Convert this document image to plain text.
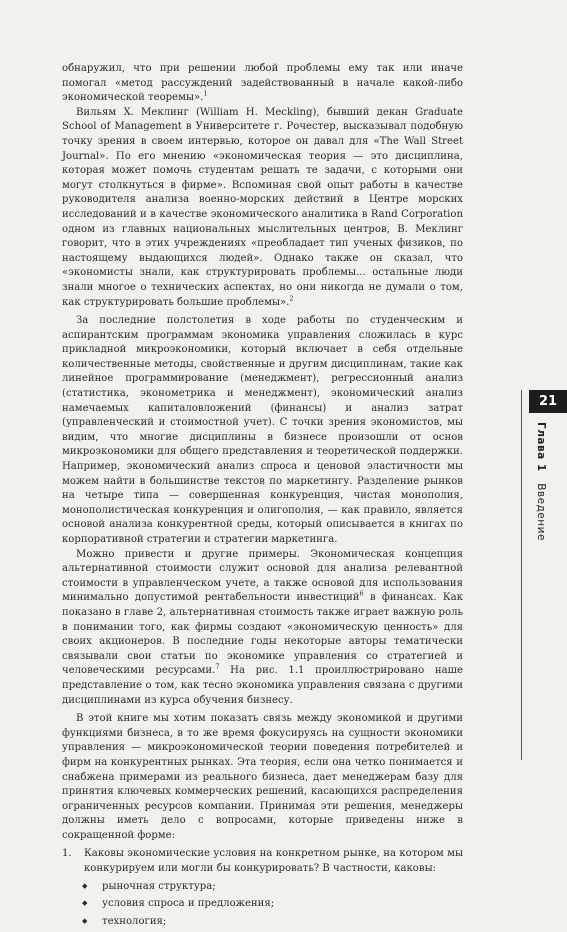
обнаружил, что при решении любой проблемы ему так или иначе помогал «метод рассуждений задействованный в начале какой-либо экономической теоремы».$^1$

Вильям Х. Меклинг (William H. Meckling), бывший декан Graduate School of Management в Университете г. Рочестер, высказывал подобную точку зрения в своем интервью, которое он давал для «The Wall Street Journal». По его мнению «экономическая теория — это дисциплина, которая может помочь студентам решать те задачи, с которыми они могут столкнуться в фирме». Вспоминая свой опыт работы в качестве руководителя анализа военно-морских действий в Центре морских исследований и в качестве экономического аналитика в Rand Corporation одном из главных национальных мыслительных центров, В. Меклинг говорит, что в этих учреждениях «преобладает тип ученых физиков, по настоящему выдающихся людей». Однако также он сказал, что «экономисты знали, как структурировать проблемы... остальные люди знали многое о технических аспектах, но они никогда не думали о том, как структурировать большие проблемы».$^2$

За последние полстолетия в ходе работы по студенческим и аспирантским программам экономика управления сложилась в курс прикладной микроэкономики, который включает в себя отдельные количественные методы, свойственные и другим дисциплинам, такие как линейное программирование (менеджмент), регрессионный анализ (статистика, эконометрика и менеджмент), экономический анализ намечаемых капиталовложений (финансы) и анализ затрат (управленческий и стоимостной учет). С точки зрения экономистов, мы видим, что многие дисциплины в бизнесе произошли от основ микроэкономики для общего представления и теоретической поддержки. Например, экономический анализ спроса и ценовой эластичности мы можем найти в большинстве текстов по маркетингу. Разделение рынков на четыре типа — совершенная конкуренция, чистая монополия, монополистическая конкуренция и олигополия, — как правило, является основой анализа конкурентной среды, который описывается в книгах по корпоративной стратегии и стратегии маркетинга.

Можно привести и другие примеры. Экономическая концепция альтернативной стоимости служит основой для анализа релевантной стоимости в управленческом учете, а также основой для использования минимально допустимой рентабельности инвестиций$^6$ в финансах. Как показано в главе 2, альтернативная стоимость также играет важную роль в понимании того, как фирмы создают «экономическую ценность» для своих акционеров. В последние годы некоторые авторы тематически связывали свои статьи по экономике управления со стратегией и человеческими ресурсами.$^7$ На рис. 1.1 проиллюстрировано наше представление о том, как тесно экономика управления связана с другими дисциплинами из курса обучения бизнесу.

В этой книге мы хотим показать связь между экономикой и другими функциями бизнеса, в то же время фокусируясь на сущности экономики управления — микроэкономической теории поведения потребителей и фирм на конкурентных рынках. Эта теория, если она четко понимается и снабжена примерами из реального бизнеса, дает менеджерам базу для принятия ключевых коммерческих решений, касающихся распределения ограниченных ресурсов компании. Принимая эти решения, менеджеры должны иметь дело с вопросами, которые приведены ниже в сокращенной форме:

1.	Каковы экономические условия на конкретном рынке, на котором мы конкурируем или могли бы конкурировать? В частности, каковы:
◆	рыночная структура;
◆	условия спроса и предложения;
◆	технология;
21
Глава 1   Введение
